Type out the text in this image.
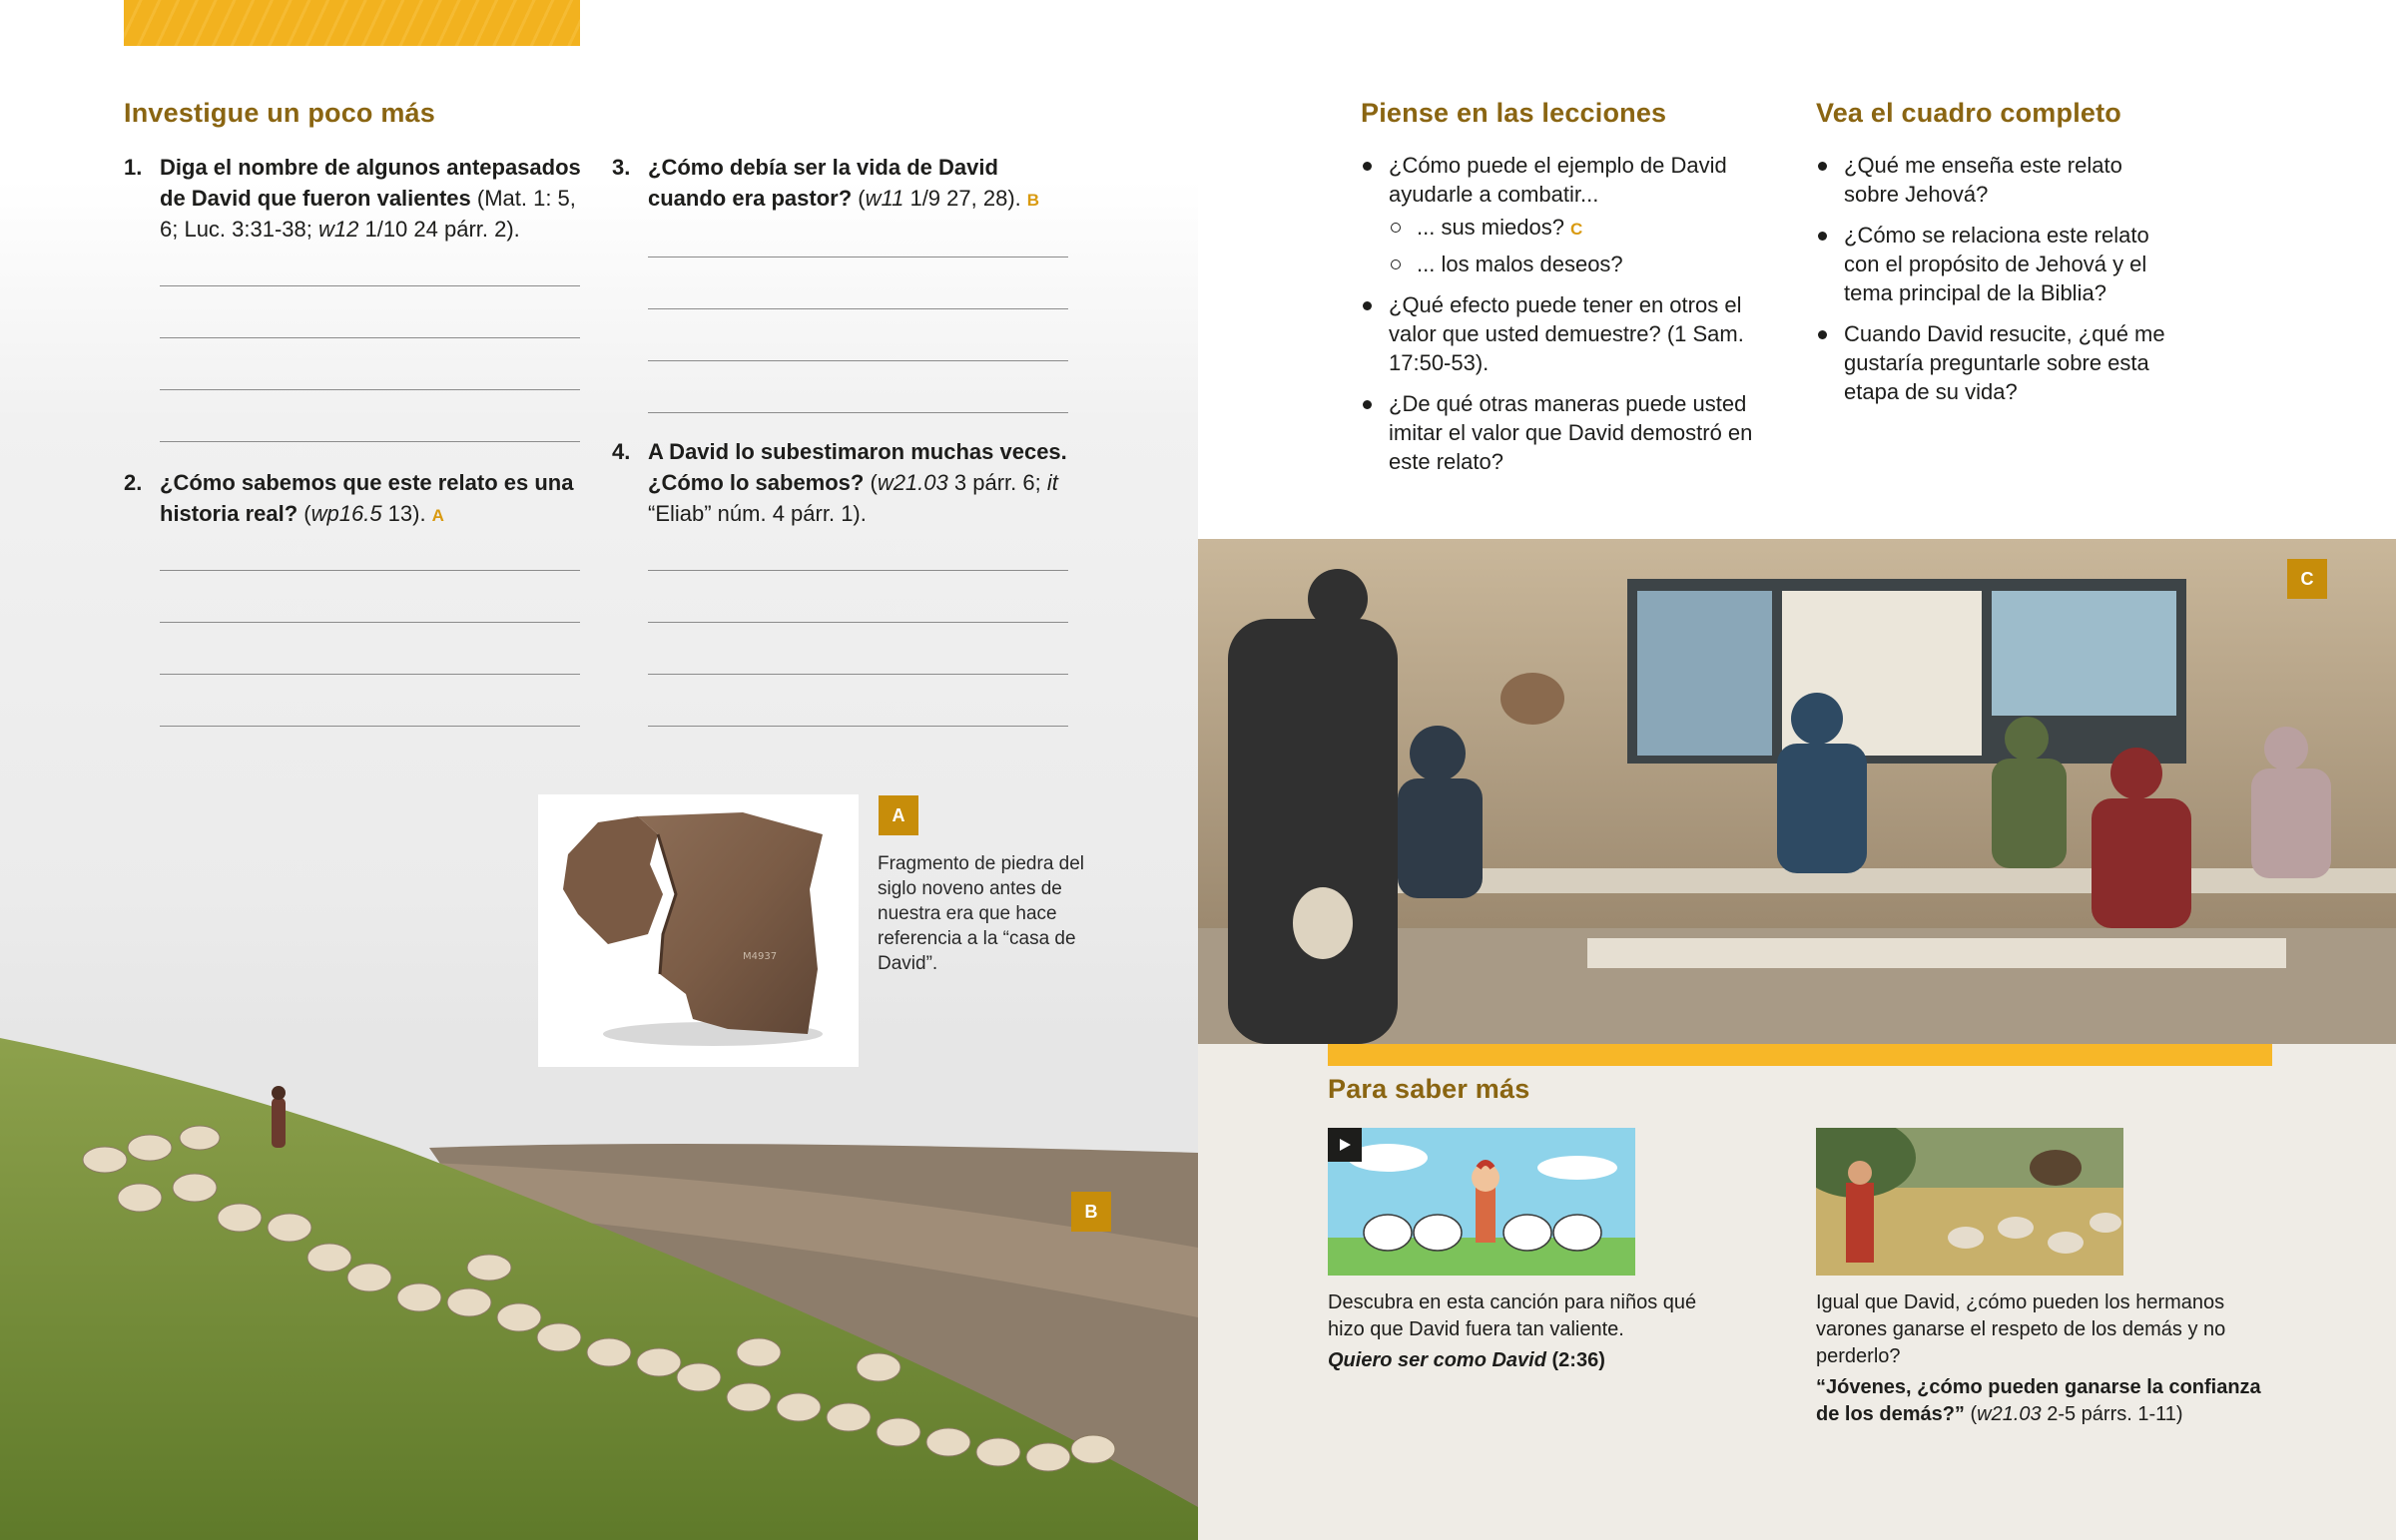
Investigue un poco más
1. Diga el nombre de algunos antepasados de David que fueron valientes (Mat. 1: 5, 6; Luc. 3:31-38; w12 1/10 24 párr. 2).
2. ¿Cómo sabemos que este relato es una historia real? (wp16.5 13). A
3. ¿Cómo debía ser la vida de David cuando era pastor? (w11 1/9 27, 28). B
4. A David lo subestimaron muchas veces. ¿Cómo lo sabemos? (w21.03 3 párr. 6; it “Eliab” núm. 4 párr. 1).
M4937
A
Fragmento de piedra del siglo noveno antes de nuestra era que hace referencia a la “casa de David”.
B
Piense en las lecciones
¿Cómo puede el ejemplo de David ayudarle a combatir...
... sus miedos? C
... los malos deseos?
¿Qué efecto puede tener en otros el valor que usted demuestre? (1 Sam. 17:50-53).
¿De qué otras maneras puede usted imitar el valor que David demostró en este relato?
Vea el cuadro completo
¿Qué me enseña este relato sobre Jehová?
¿Cómo se relaciona este relato con el propósito de Jehová y el tema principal de la Biblia?
Cuando David resucite, ¿qué me gustaría preguntarle sobre esta etapa de su vida?
C
Para saber más
Descubra en esta canción para niños qué hizo que David fuera tan valiente.
Quiero ser como David (2:36)
Igual que David, ¿cómo pueden los hermanos varones ganarse el respeto de los demás y no perderlo?
“Jóvenes, ¿cómo pueden ganarse la confianza de los demás?” (w21.03 2-5 párrs. 1-11)
